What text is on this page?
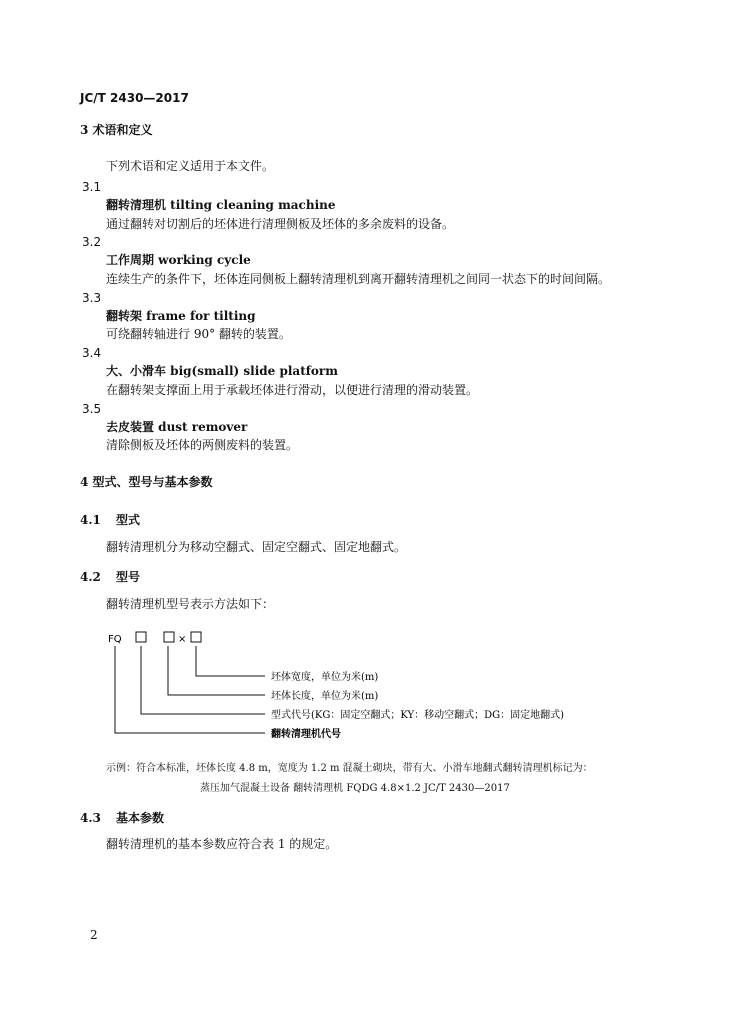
JC/T 2430—2017
3 术语和定义
下列术语和定义适用于本文件。
3.1
翻转清理机 tilting cleaning machine
通过翻转对切割后的坯体进行清理侧板及坯体的多余废料的设备。
3.2
工作周期 working cycle
连续生产的条件下，坯体连同侧板上翻转清理机到离开翻转清理机之间同一状态下的时间间隔。
3.3
翻转架 frame for tilting
可绕翻转轴进行 90° 翻转的装置。
3.4
大、小滑车 big(small) slide platform
在翻转架支撑面上用于承载坯体进行滑动，以便进行清理的滑动装置。
3.5
去皮装置 dust remover
清除侧板及坯体的两侧废料的装置。
4 型式、型号与基本参数
4.1 型式
翻转清理机分为移动空翻式、固定空翻式、固定地翻式。
4.2 型号
翻转清理机型号表示方法如下：
FQ	×
坯体宽度，单位为米(m)
坯体长度，单位为米(m)
型式代号(KG：固定空翻式；KY：移动空翻式；DG：固定地翻式)
翻转清理机代号
示例：符合本标准，坯体长度 4.8 m，宽度为 1.2 m 混凝土砌块，带有大、小滑车地翻式翻转清理机标记为：
蒸压加气混凝土设备 翻转清理机 FQDG 4.8×1.2 JC/T 2430—2017
4.3 基本参数
翻转清理机的基本参数应符合表 1 的规定。
2
